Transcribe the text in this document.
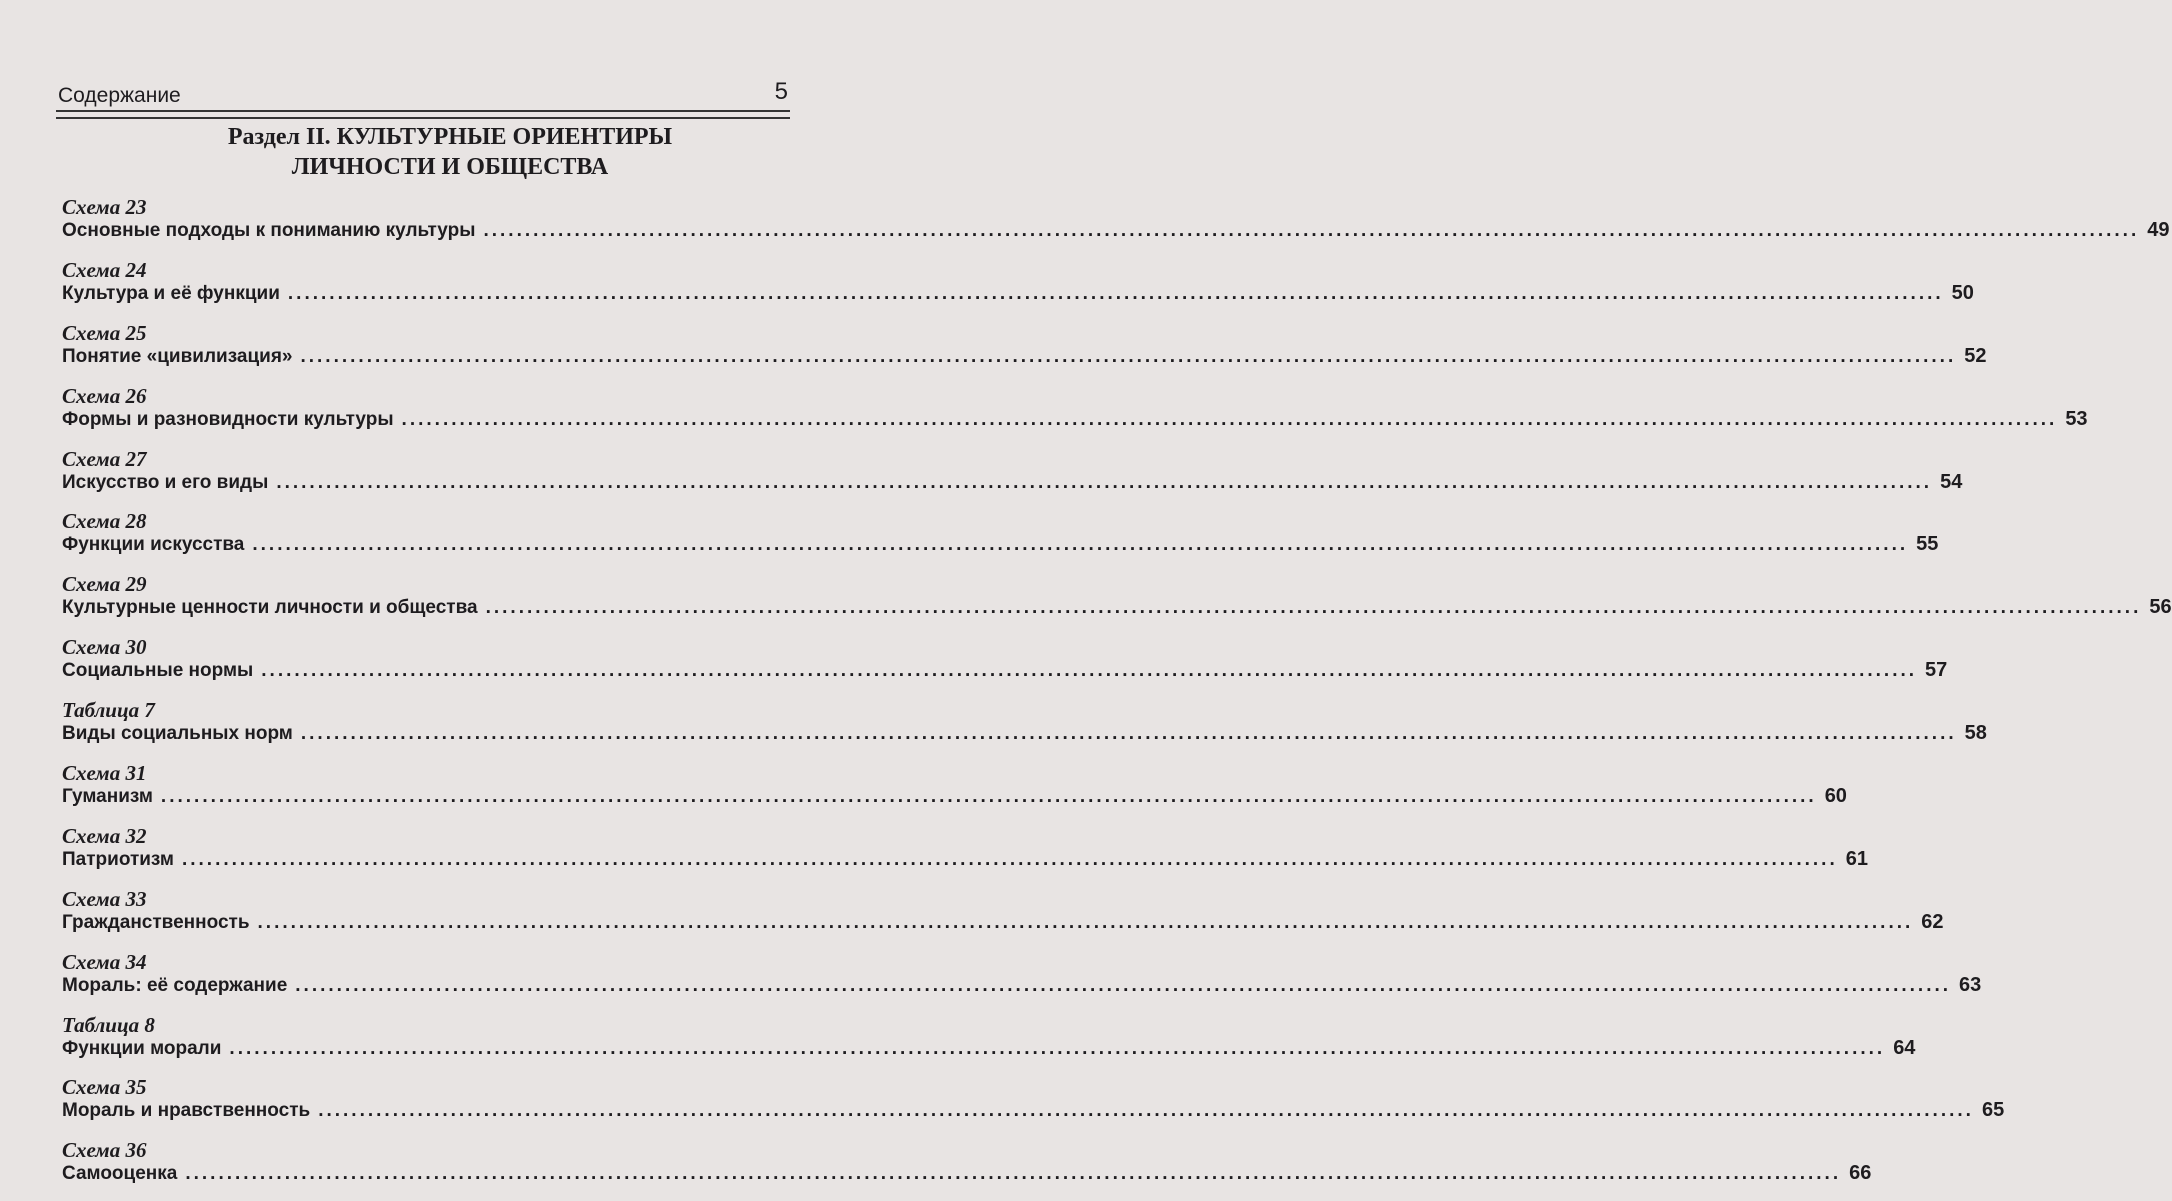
Содержание	5
Раздел II. КУЛЬТУРНЫЕ ОРИЕНТИРЫ
ЛИЧНОСТИ И ОБЩЕСТВА
Схема 23
Основные подходы к пониманию культуры ........................................................................................................................................................................................................ 49
Схема 24
Культура и её функции ........................................................................................................................................................................................................ 50
Схема 25
Понятие «цивилизация» ........................................................................................................................................................................................................ 52
Схема 26
Формы и разновидности культуры ........................................................................................................................................................................................................ 53
Схема 27
Искусство и его виды ........................................................................................................................................................................................................ 54
Схема 28
Функции искусства ........................................................................................................................................................................................................ 55
Схема 29
Культурные ценности личности и общества ........................................................................................................................................................................................................ 56
Схема 30
Социальные нормы ........................................................................................................................................................................................................ 57
Таблица 7
Виды социальных норм ........................................................................................................................................................................................................ 58
Схема 31
Гуманизм ........................................................................................................................................................................................................ 60
Схема 32
Патриотизм ........................................................................................................................................................................................................ 61
Схема 33
Гражданственность ........................................................................................................................................................................................................ 62
Схема 34
Мораль: её содержание ........................................................................................................................................................................................................ 63
Таблица 8
Функции морали ........................................................................................................................................................................................................ 64
Схема 35
Мораль и нравственность ........................................................................................................................................................................................................ 65
Схема 36
Самооценка ........................................................................................................................................................................................................ 66
